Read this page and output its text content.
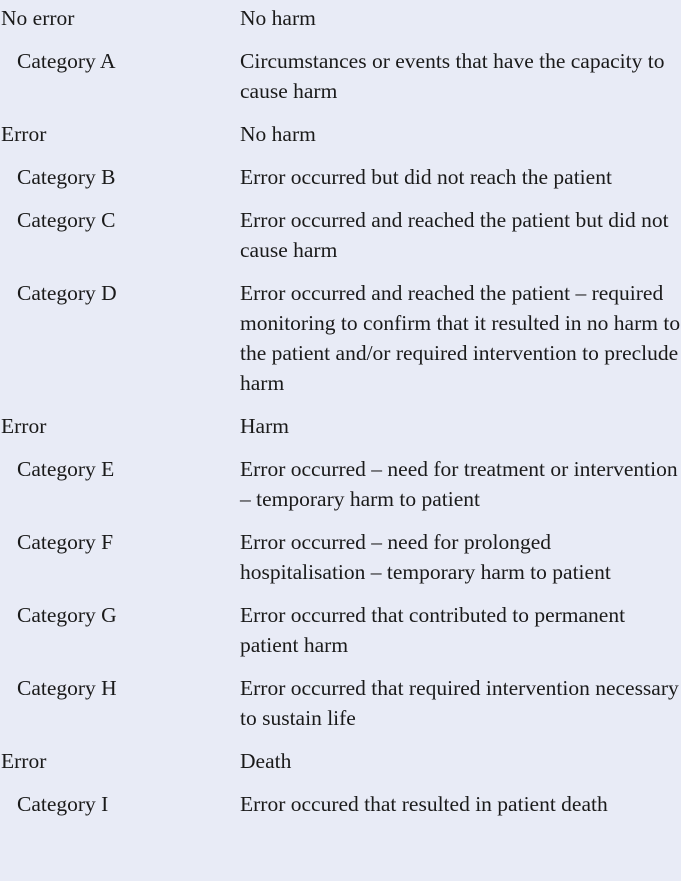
No error	No harm
Category A	Circumstances or events that have the capacity to cause harm
Error	No harm
Category B	Error occurred but did not reach the patient
Category C	Error occurred and reached the patient but did not cause harm
Category D	Error occurred and reached the patient – required monitoring to confirm that it resulted in no harm to the patient and/or required intervention to preclude harm
Error	Harm
Category E	Error occurred – need for treatment or intervention – temporary harm to patient
Category F	Error occurred – need for prolonged hospitalisation – temporary harm to patient
Category G	Error occurred that contributed to permanent patient harm
Category H	Error occurred that required intervention necessary to sustain life
Error	Death
Category I	Error occured that resulted in patient death
